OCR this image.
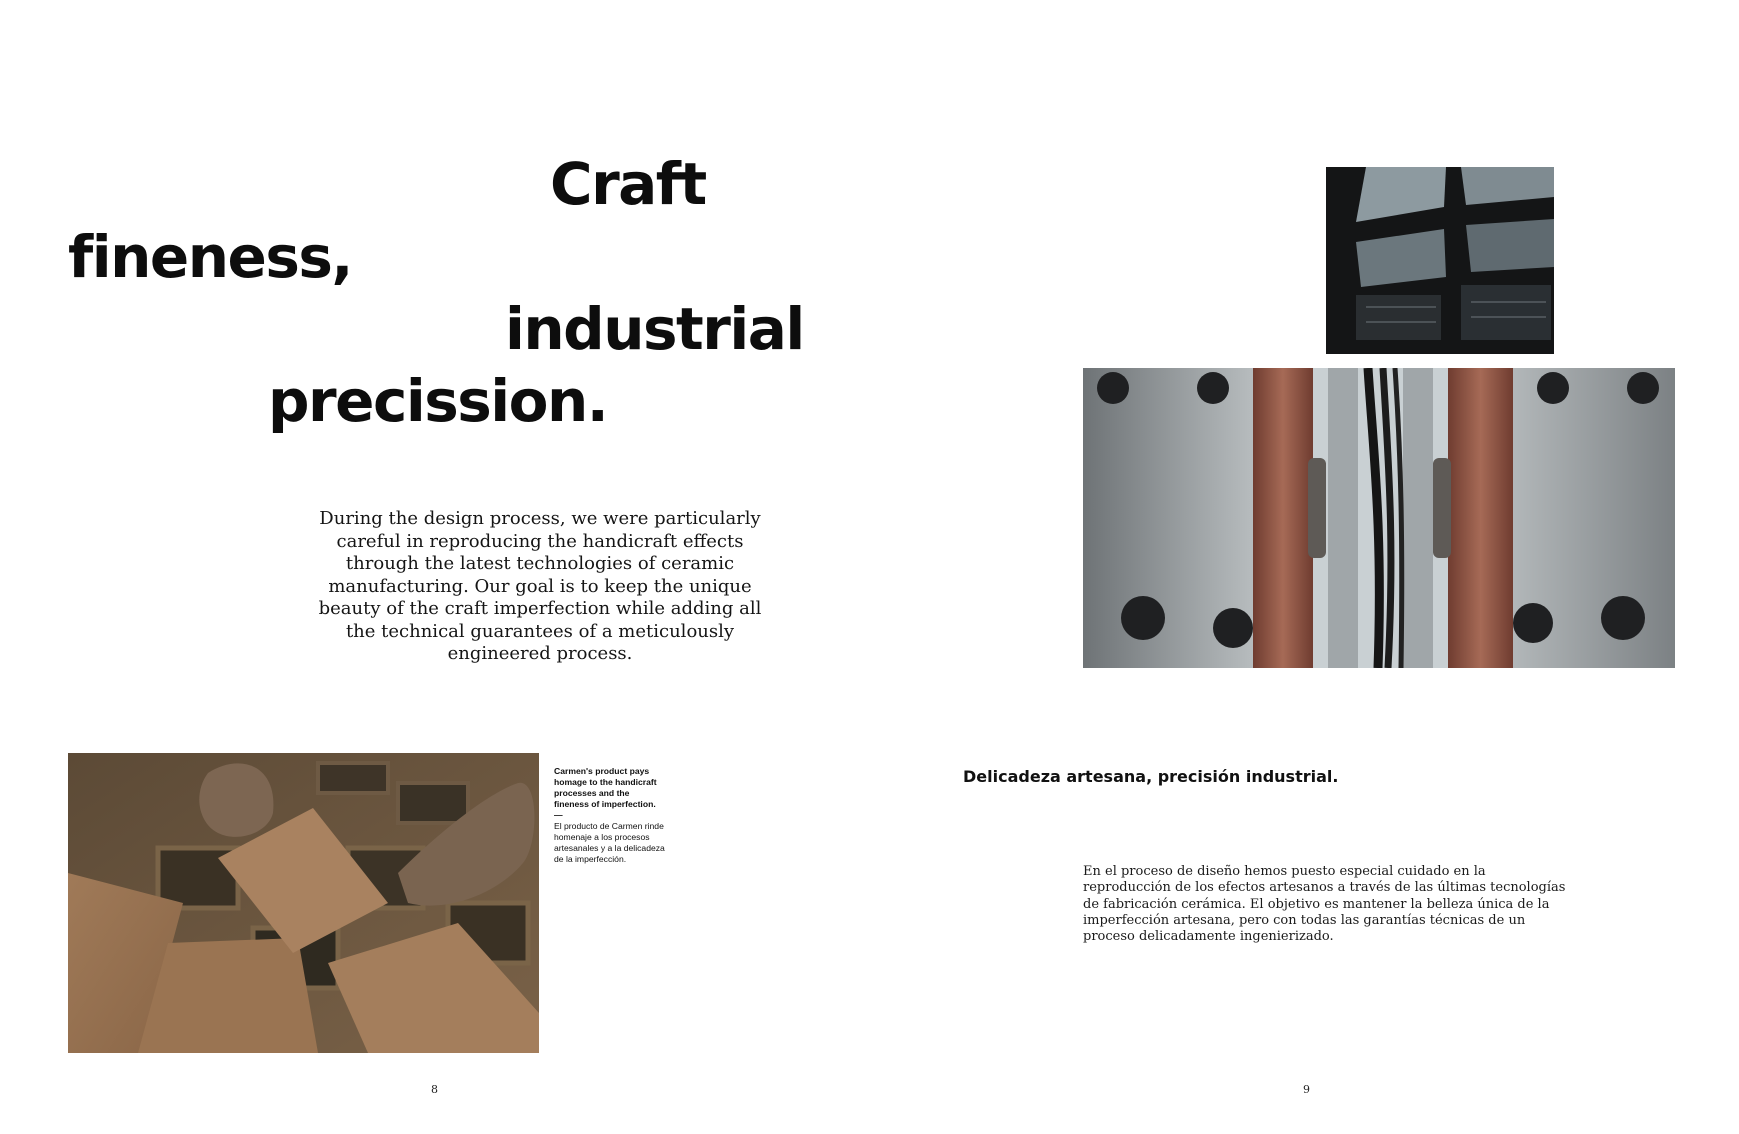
Craft
fineness,
industrial
precission.

During the design process, we were particularly careful in reproducing the handicraft effects through the latest technologies of ceramic manufacturing. Our goal is to keep the unique beauty of the craft imperfection while adding all the technical guarantees of a meticulously engineered process.

Carmen's product pays homage to the handicraft processes and the fineness of imperfection.
—
El producto de Carmen rinde homenaje a los procesos artesanales y a la delicadeza de la imperfección.

8
Delicadeza artesana, precisión industrial.

En el proceso de diseño hemos puesto especial cuidado en la reproducción de los efectos artesanos a través de las últimas tecnologías de fabricación cerámica. El objetivo es mantener la belleza única de la imperfección artesana, pero con todas las garantías técnicas de un proceso delicadamente ingenierizado.

9
